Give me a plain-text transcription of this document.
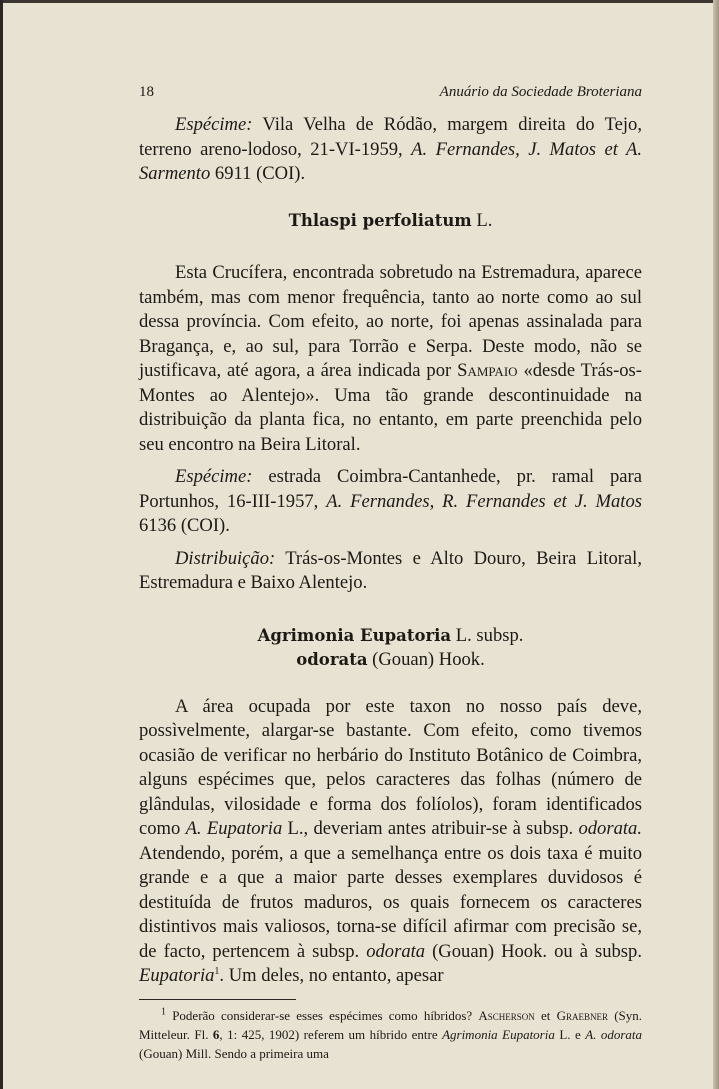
18	Anuário da Sociedade Broteriana

Espécime: Vila Velha de Ródão, margem direita do Tejo, terreno areno-lodoso, 21-VI-1959, A. Fernandes, J. Matos et A. Sarmento 6911 (COI).

Thlaspi perfoliatum L.

Esta Crucífera, encontrada sobretudo na Estremadura, aparece também, mas com menor frequência, tanto ao norte como ao sul dessa província. Com efeito, ao norte, foi apenas assinalada para Bragança, e, ao sul, para Torrão e Serpa. Deste modo, não se justificava, até agora, a área indicada por Sampaio «desde Trás-os-Montes ao Alentejo». Uma tão grande descontinuidade na distribuição da planta fica, no entanto, em parte preenchida pelo seu encontro na Beira Litoral.

Espécime: estrada Coimbra-Cantanhede, pr. ramal para Portunhos, 16-III-1957, A. Fernandes, R. Fernandes et J. Matos 6136 (COI).

Distribuição: Trás-os-Montes e Alto Douro, Beira Litoral, Estremadura e Baixo Alentejo.

Agrimonia Eupatoria L. subsp.
odorata (Gouan) Hook.

A área ocupada por este taxon no nosso país deve, possìvelmente, alargar-se bastante. Com efeito, como tivemos ocasião de verificar no herbário do Instituto Botânico de Coimbra, alguns espécimes que, pelos caracteres das folhas (número de glândulas, vilosidade e forma dos folíolos), foram identificados como A. Eupatoria L., deveriam antes atribuir-se à subsp. odorata. Atendendo, porém, a que a semelhança entre os dois taxa é muito grande e a que a maior parte desses exemplares duvidosos é destituída de frutos maduros, os quais fornecem os caracteres distintivos mais valiosos, torna-se difícil afirmar com precisão se, de facto, pertencem à subsp. odorata (Gouan) Hook. ou à subsp. Eupatoria$^1$. Um deles, no entanto, apesar

$^1$ Poderão considerar-se esses espécimes como híbridos? Ascherson et Graebner (Syn. Mitteleur. Fl. 6, 1: 425, 1902) referem um híbrido entre Agrimonia Eupatoria L. e A. odorata (Gouan) Mill. Sendo a primeira uma
